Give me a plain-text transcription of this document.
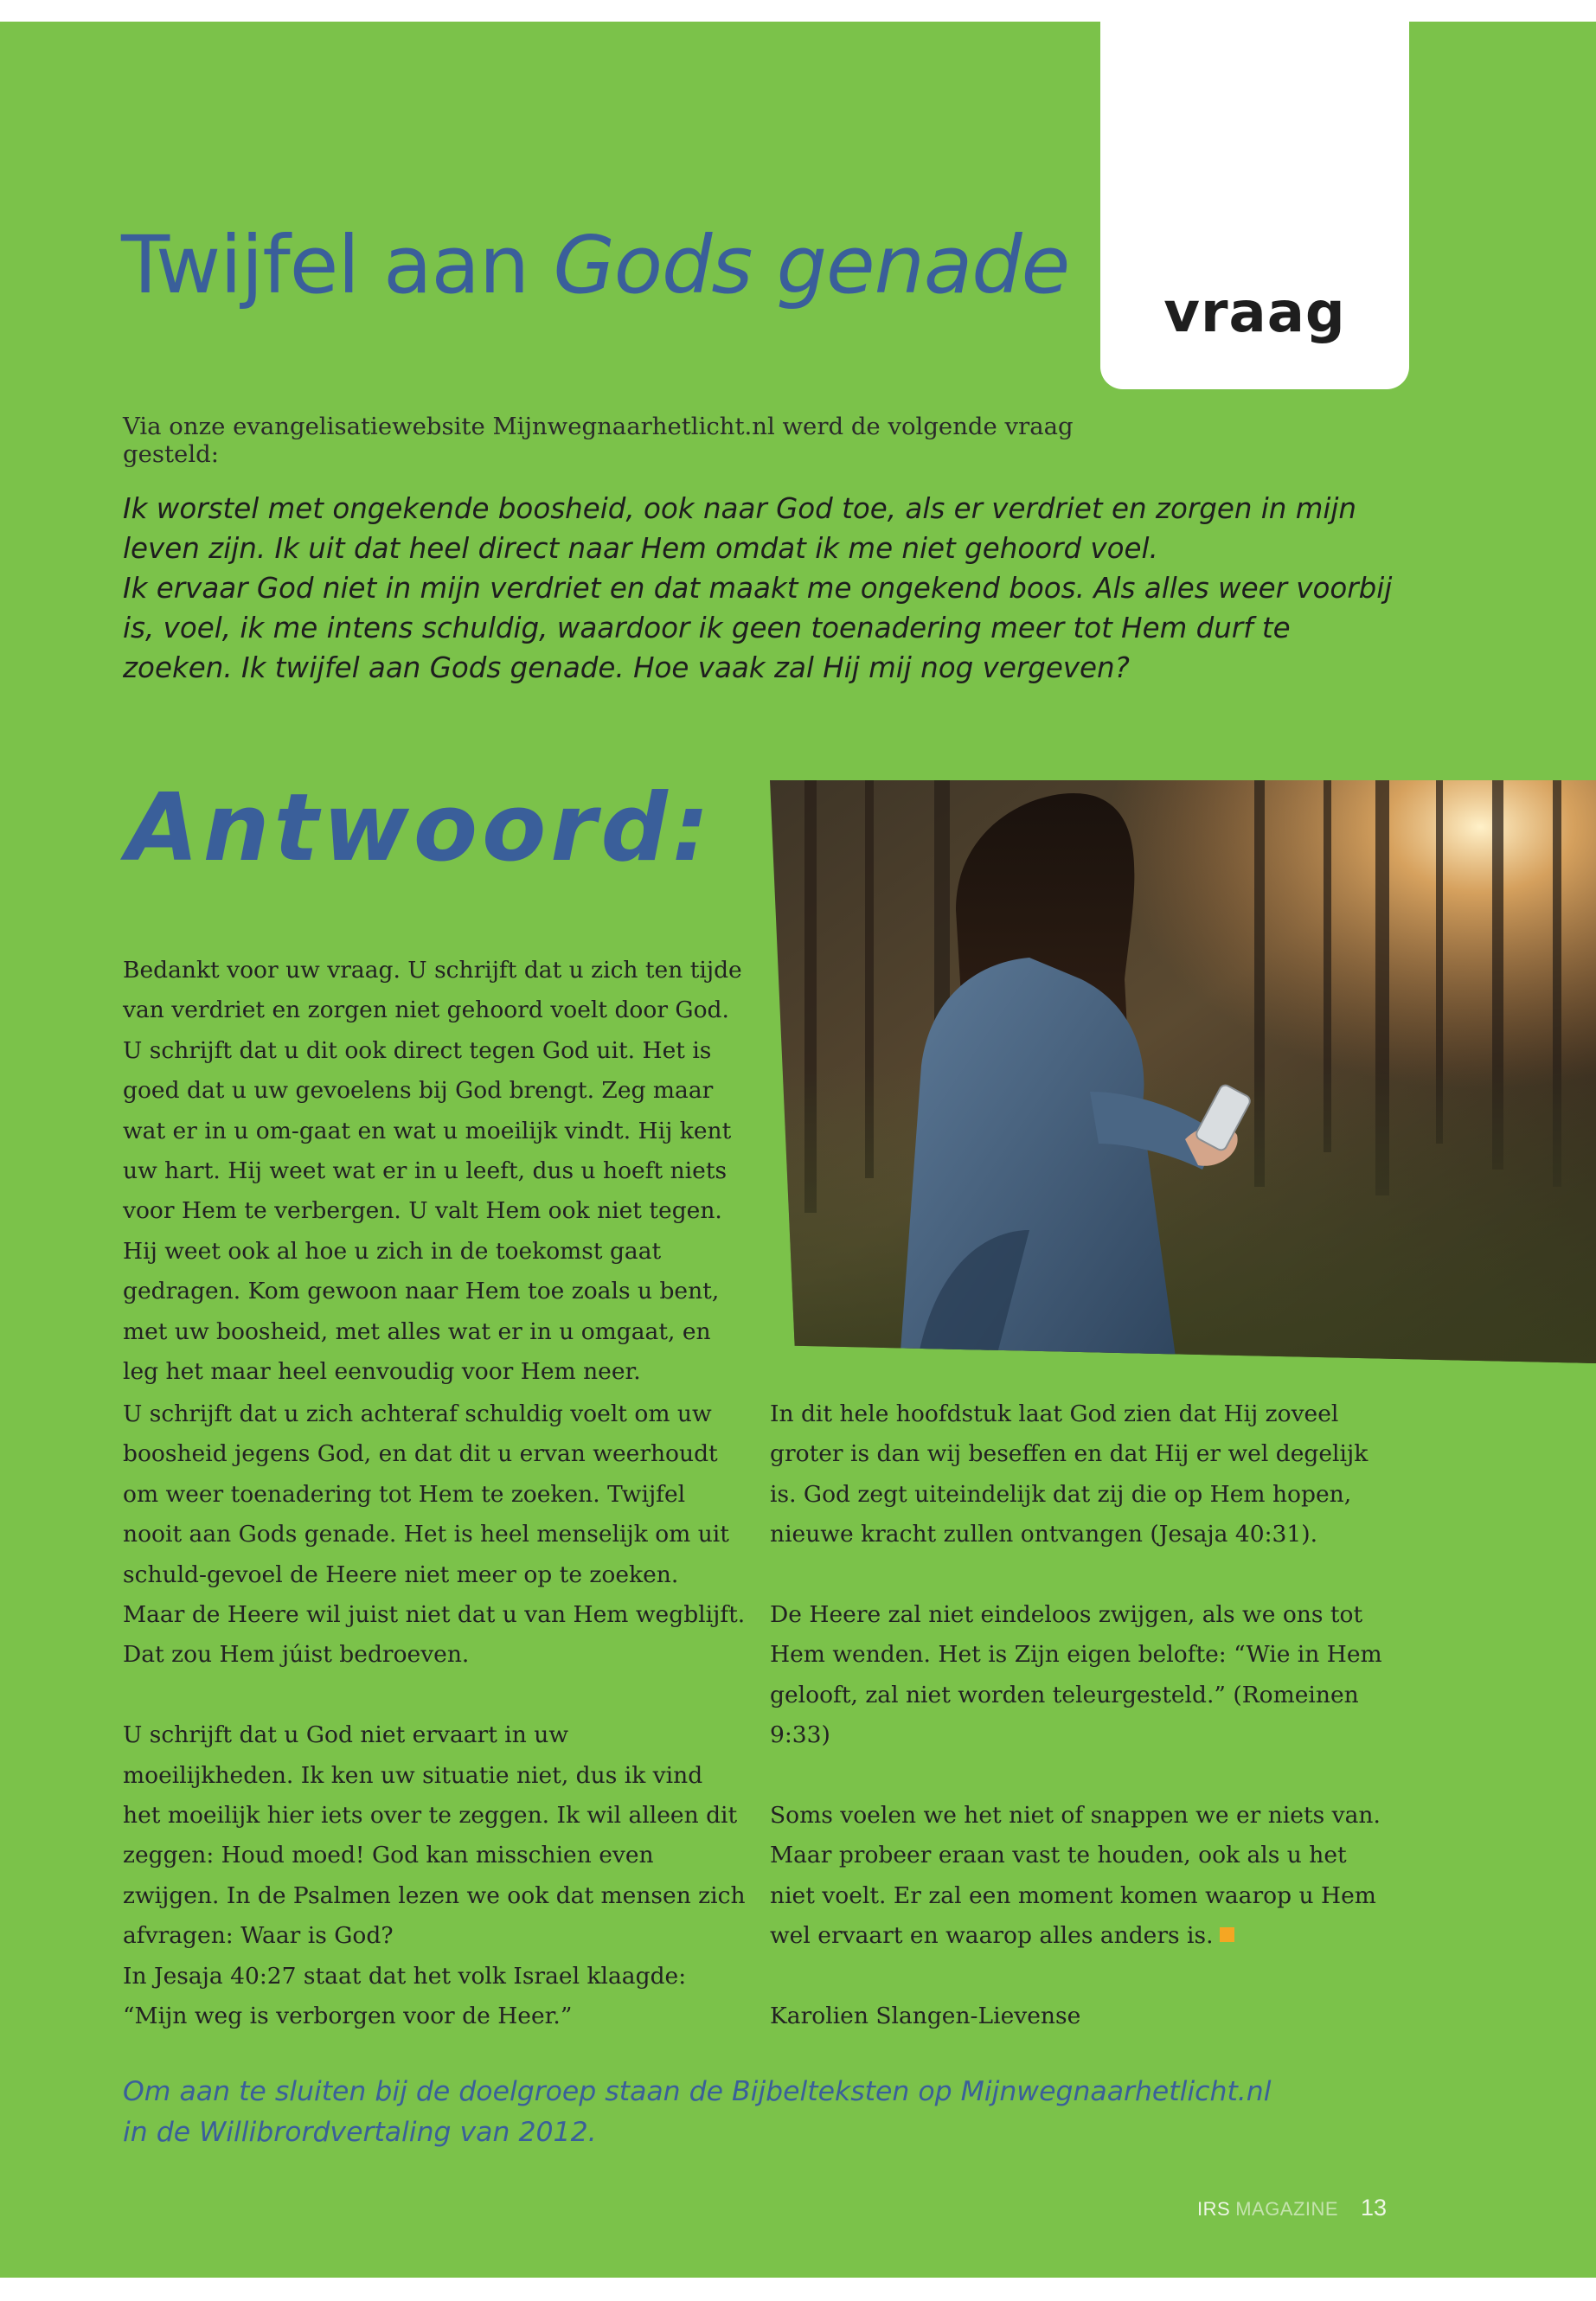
vraag
Twijfel aan Gods genade
Via onze evangelisatiewebsite Mijnwegnaarhetlicht.nl werd de volgende vraag gesteld:

Ik worstel met ongekende boosheid, ook naar God toe, als er verdriet en zorgen in mijn leven zijn. Ik uit dat heel direct naar Hem omdat ik me niet gehoord voel.

Ik ervaar God niet in mijn verdriet en dat maakt me ongekend boos. Als alles weer voorbij is, voel, ik me intens schuldig, waardoor ik geen toenadering meer tot Hem durf te zoeken. Ik twijfel aan Gods genade. Hoe vaak zal Hij mij nog vergeven?

Antwoord:

Bedankt voor uw vraag. U schrijft dat u zich ten tijde van verdriet en zorgen niet gehoord voelt door God. U schrijft dat u dit ook direct tegen God uit. Het is goed dat u uw gevoelens bij God brengt. Zeg maar wat er in u om-gaat en wat u moeilijk vindt. Hij kent uw hart. Hij weet wat er in u leeft, dus u hoeft niets voor Hem te verbergen. U valt Hem ook niet tegen. Hij weet ook al hoe u zich in de toekomst gaat gedragen. Kom gewoon naar Hem toe zoals u bent, met uw boosheid, met alles wat er in u omgaat, en leg het maar heel eenvoudig voor Hem neer.

U schrijft dat u zich achteraf schuldig voelt om uw boosheid jegens God, en dat dit u ervan weerhoudt om weer toenadering tot Hem te zoeken. Twijfel nooit aan Gods genade. Het is heel menselijk om uit schuld-gevoel de Heere niet meer op te zoeken. Maar de Heere wil juist niet dat u van Hem wegblijft. Dat zou Hem júist bedroeven.

U schrijft dat u God niet ervaart in uw moeilijkheden. Ik ken uw situatie niet, dus ik vind het moeilijk hier iets over te zeggen. Ik wil alleen dit zeggen: Houd moed! God kan misschien even zwijgen. In de Psalmen lezen we ook dat mensen zich afvragen: Waar is God?

In Jesaja 40:27 staat dat het volk Israel klaagde:
“Mijn weg is verborgen voor de Heer.”

In dit hele hoofdstuk laat God zien dat Hij zoveel groter is dan wij beseffen en dat Hij er wel degelijk is. God zegt uiteindelijk dat zij die op Hem hopen, nieuwe kracht zullen ontvangen (Jesaja 40:31).

De Heere zal niet eindeloos zwijgen, als we ons tot Hem wenden. Het is Zijn eigen belofte: “Wie in Hem gelooft, zal niet worden teleurgesteld.” (Romeinen 9:33)

Soms voelen we het niet of snappen we er niets van. Maar probeer eraan vast te houden, ook als u het niet voelt. Er zal een moment komen waarop u Hem wel ervaart en waarop alles anders is.

Karolien Slangen-Lievense

Om aan te sluiten bij de doelgroep staan de Bijbelteksten op Mijnwegnaarhetlicht.nl

in de Willibrordvertaling van 2012.

IRS MAGAZINE 13
